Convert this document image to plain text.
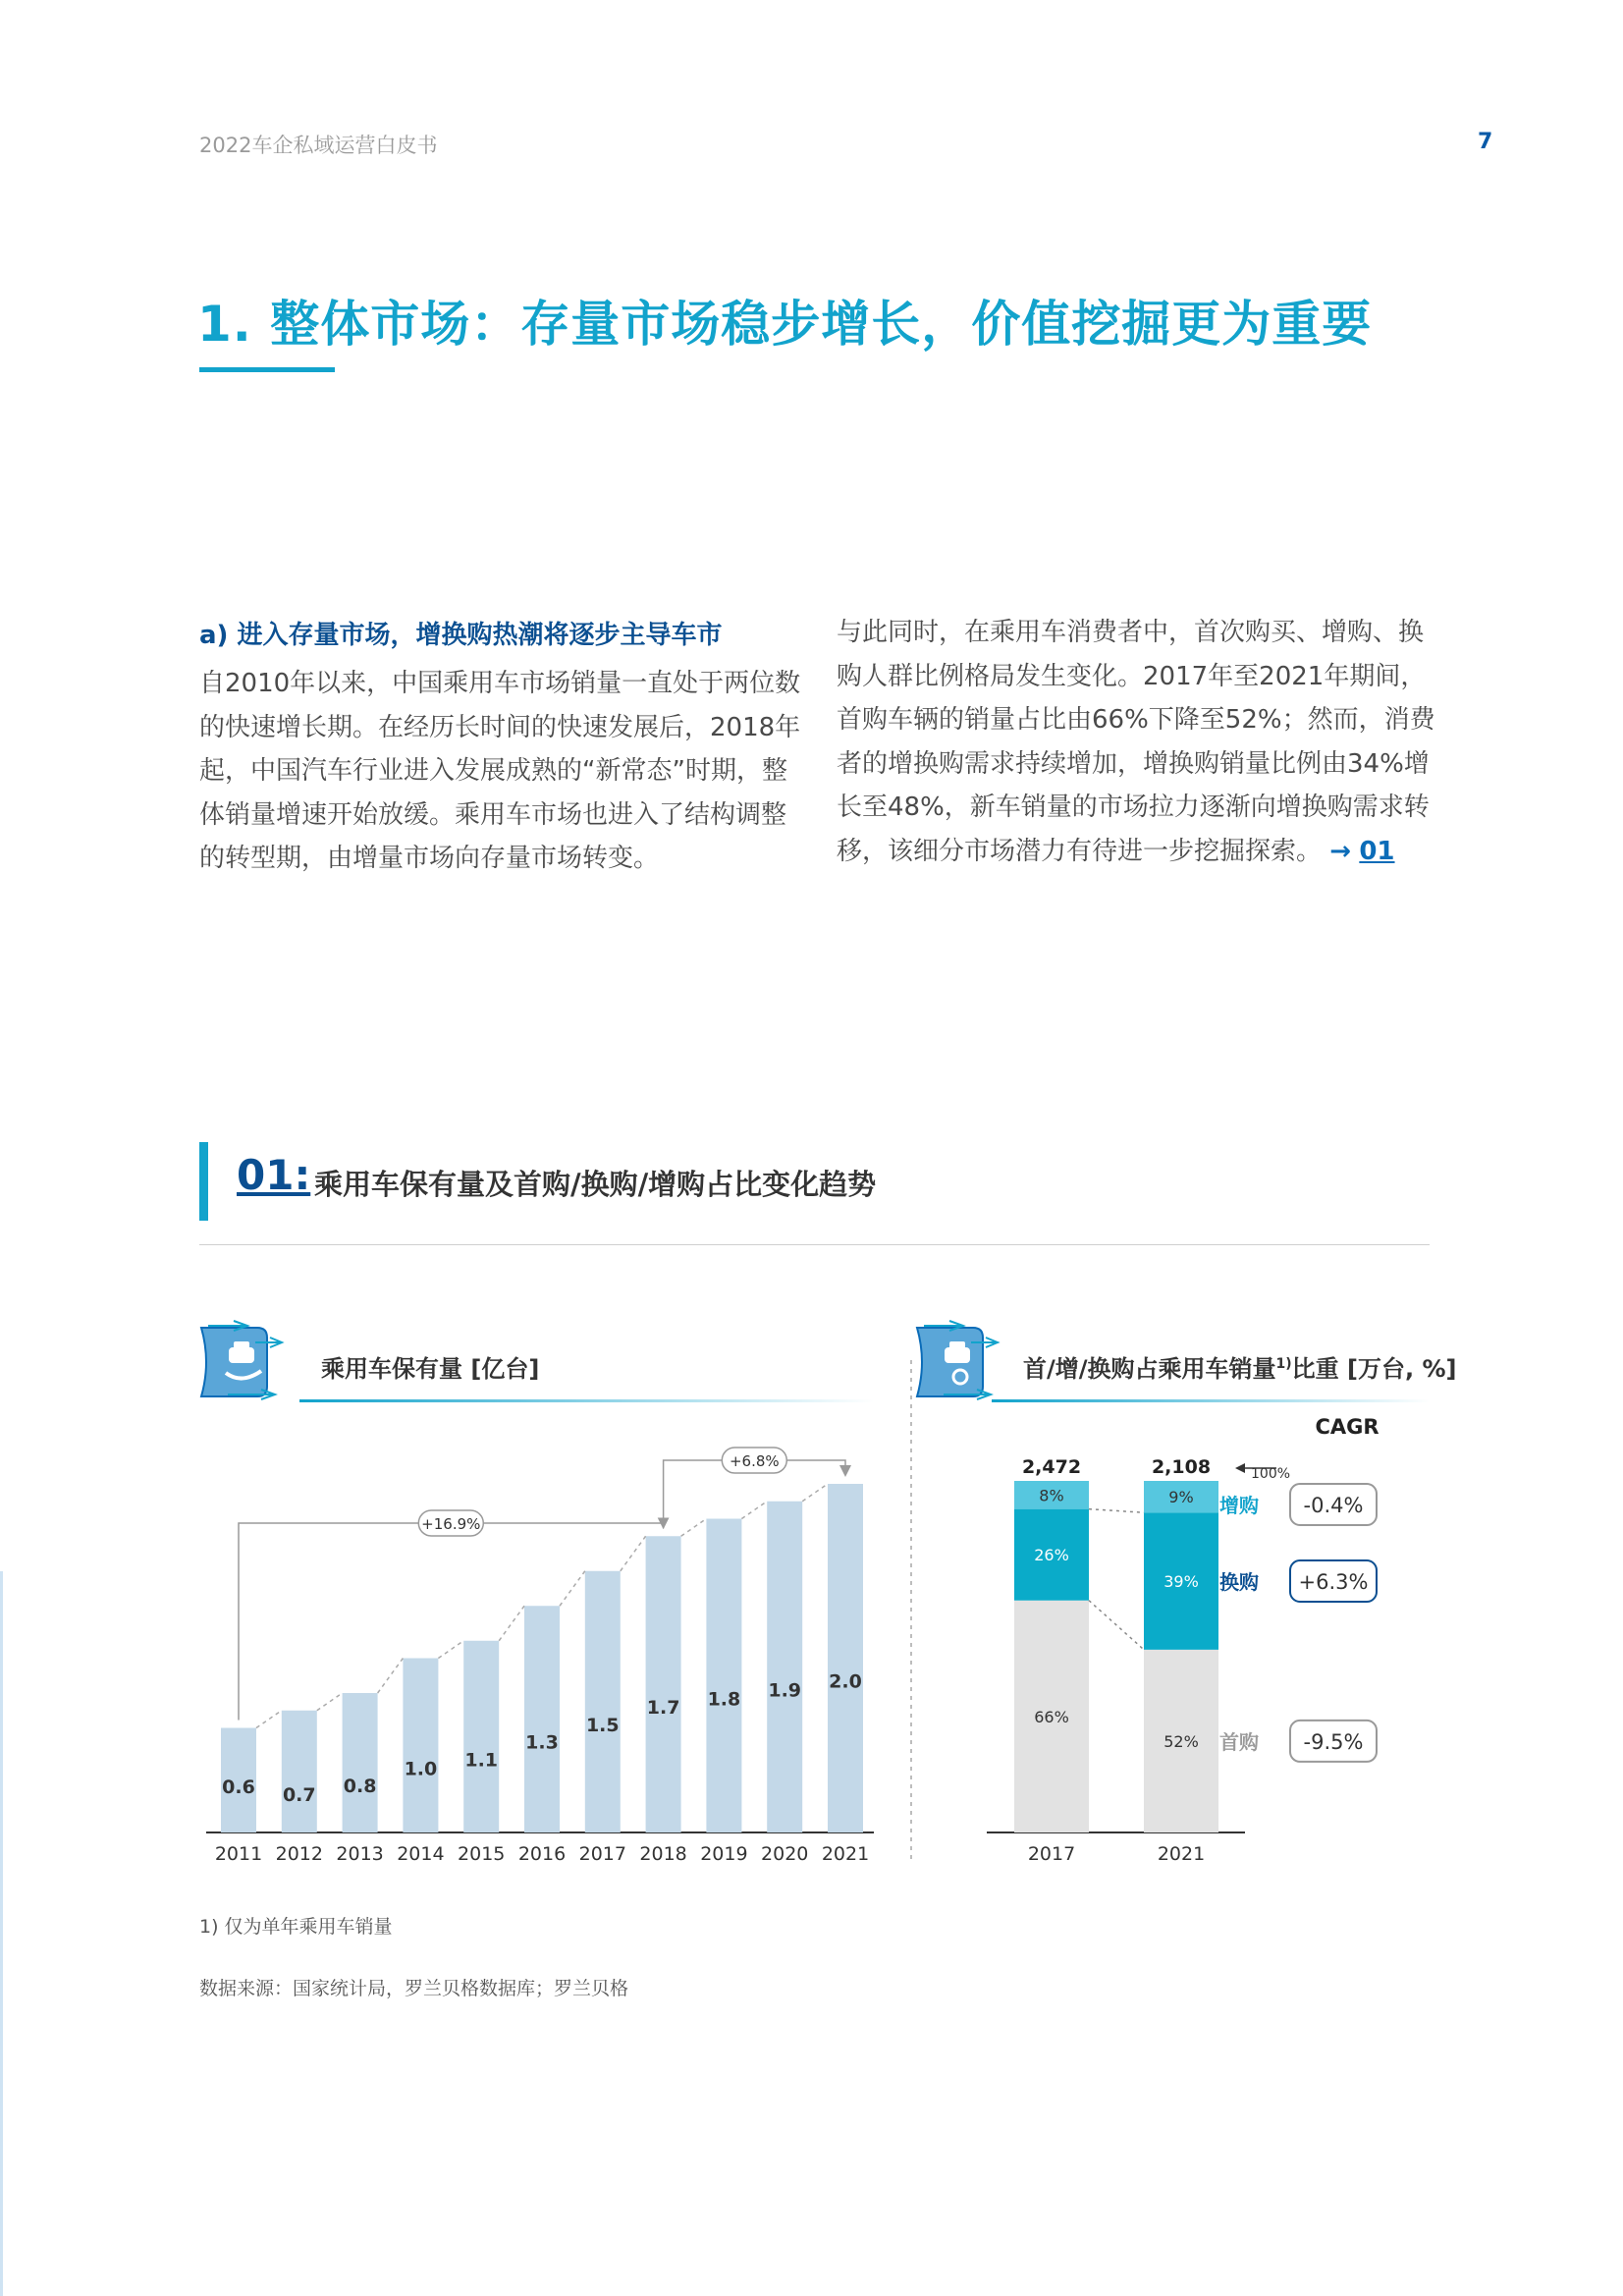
2022车企私域运营白皮书	7
1. 整体市场：存量市场稳步增长，价值挖掘更为重要
a) 进入存量市场，增换购热潮将逐步主导车市
自2010年以来，中国乘用车市场销量一直处于两位数的快速增长期。在经历长时间的快速发展后，2018年起，中国汽车行业进入发展成熟的“新常态”时期，整体销量增速开始放缓。乘用车市场也进入了结构调整的转型期，由增量市场向存量市场转变。
与此同时，在乘用车消费者中，首次购买、增购、换购人群比例格局发生变化。2017年至2021年期间，首购车辆的销量占比由66%下降至52%；然而，消费者的增换购需求持续增加，增换购销量比例由34%增长至48%，新车销量的市场拉力逐渐向增换购需求转移，该细分市场潜力有待进一步挖掘探索。 → 01
01: 乘用车保有量及首购/换购/增购占比变化趋势
乘用车保有量 [亿台]
0.6
2011
0.7
2012
0.8
2013
1.0
2014
1.1
2015
1.3
2016
1.5
2017
1.7
2018
1.8
2019
1.9
2020
2.0
2021
+16.9%
+6.8%
首/增/换购占乘用车销量$^{1)}$比重 [万台, %]
66%
26%
8%
2,472
2017
52%
39%
9%
2,108
2021
100%
CAGR
首购 -9.5%
换购 +6.3%
增购 -0.4%
1) 仅为单年乘用车销量
数据来源：国家统计局，罗兰贝格数据库；罗兰贝格
